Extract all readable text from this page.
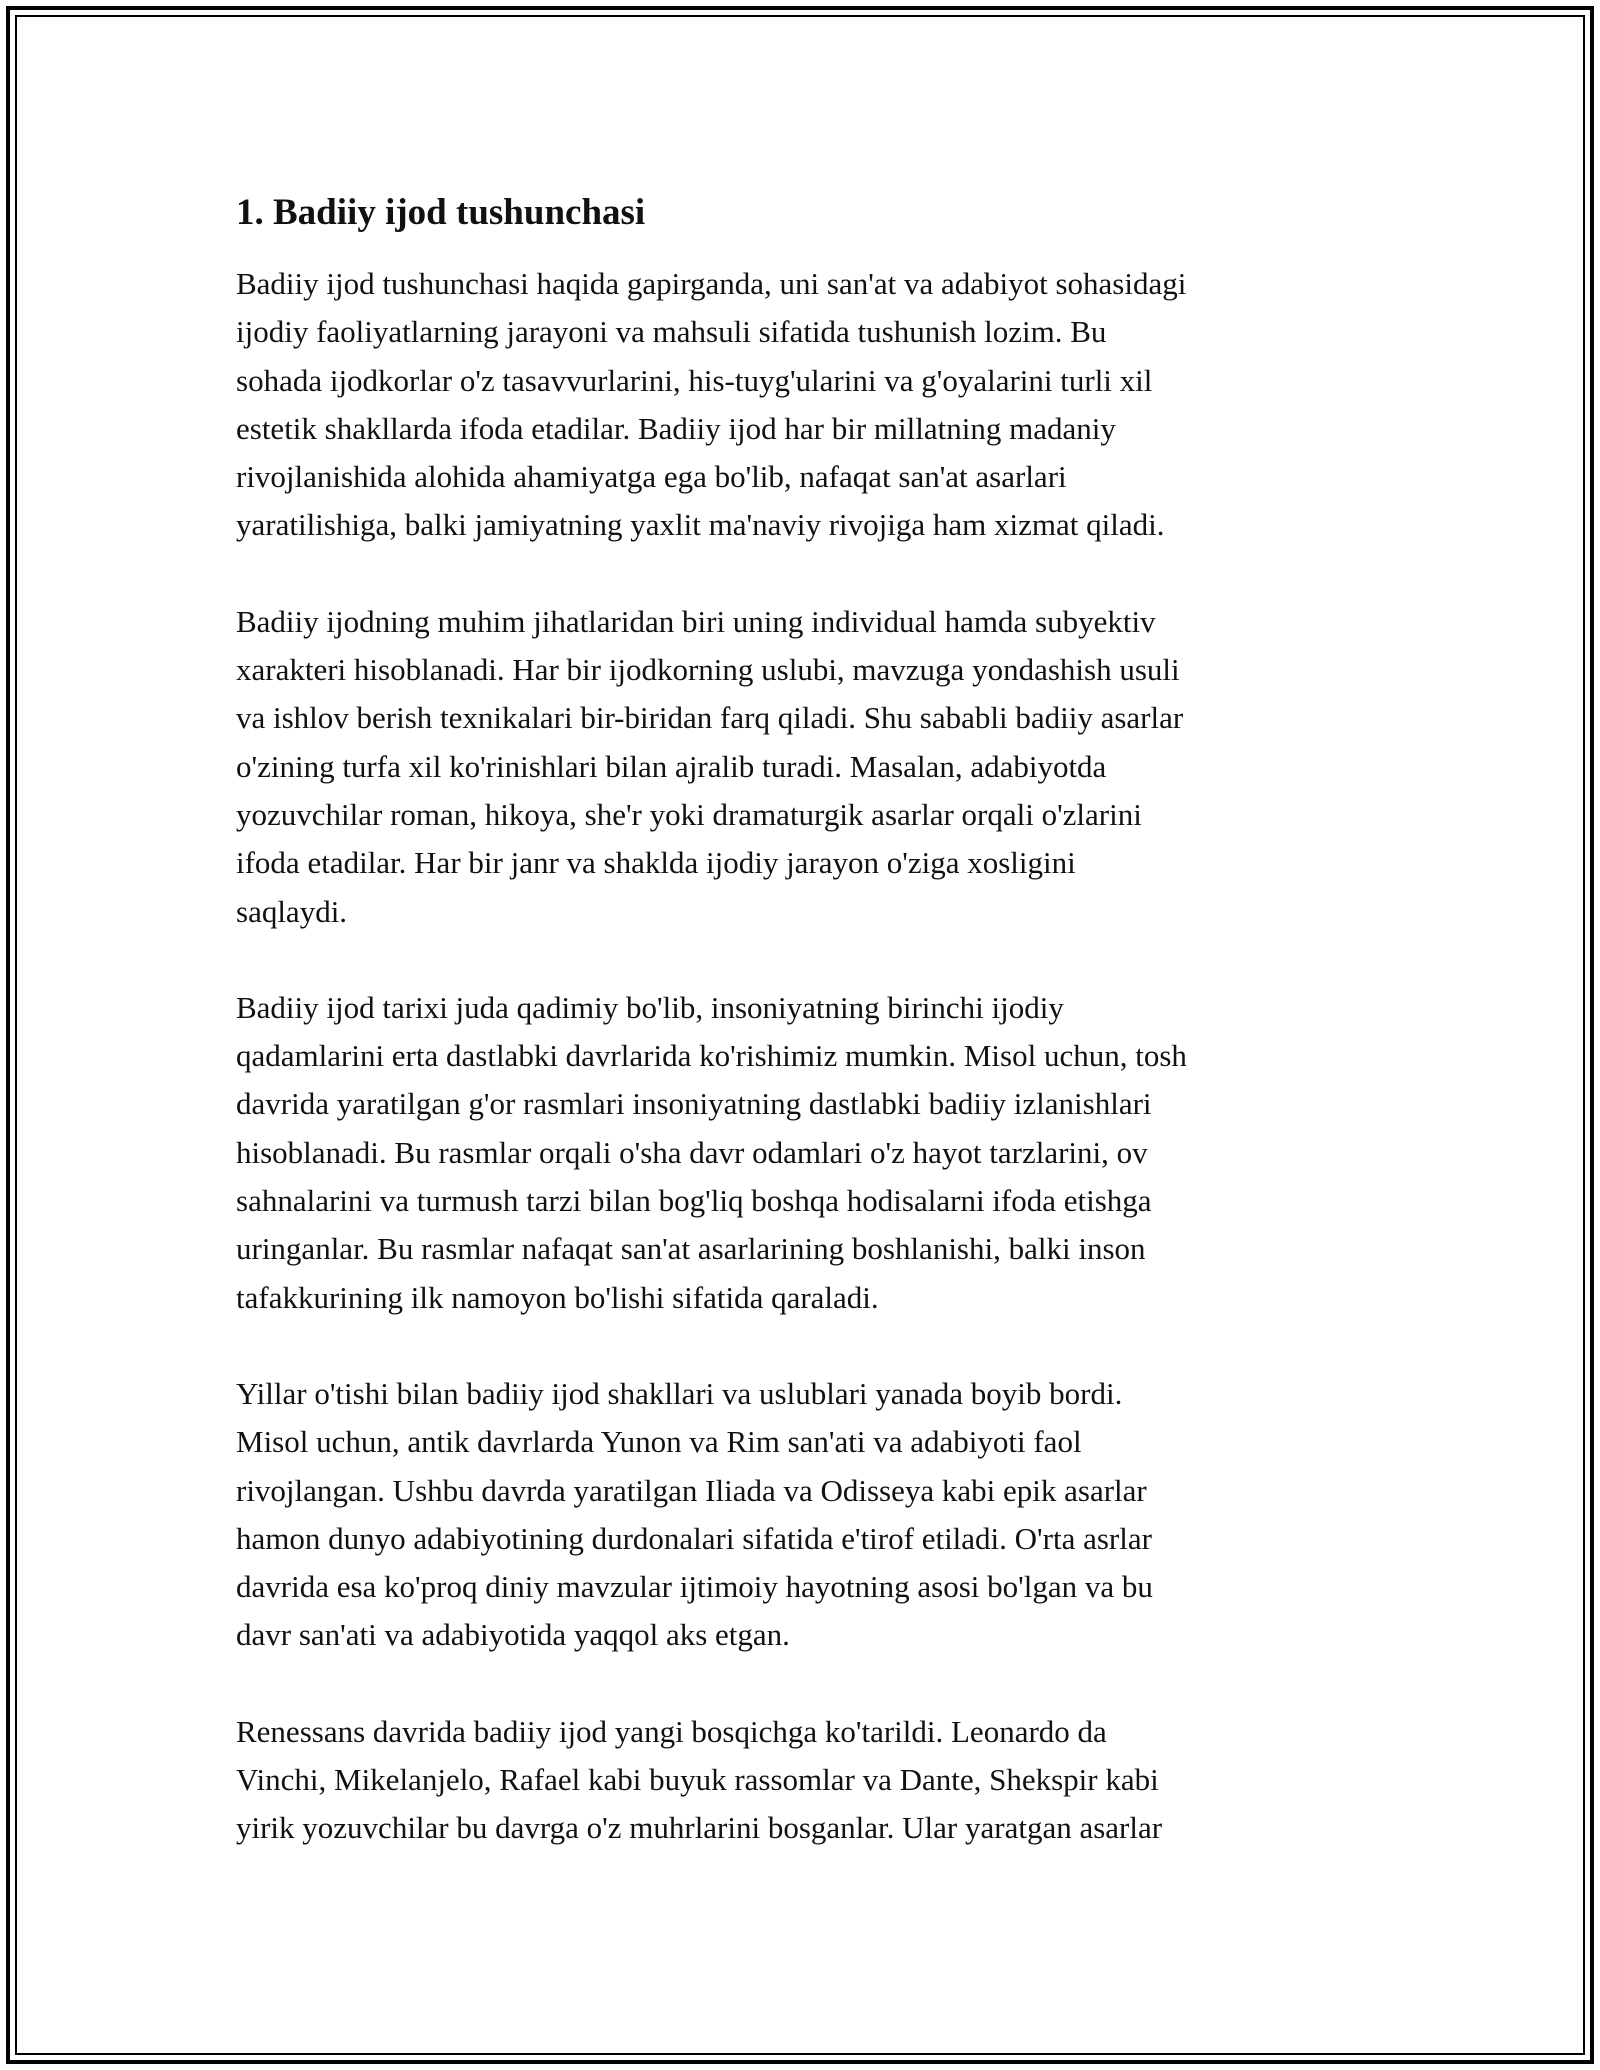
1. Badiiy ijod tushunchasi

Badiiy ijod tushunchasi haqida gapirganda, uni san'at va adabiyot sohasidagi
ijodiy faoliyatlarning jarayoni va mahsuli sifatida tushunish lozim. Bu
sohada ijodkorlar o'z tasavvurlarini, his-tuyg'ularini va g'oyalarini turli xil
estetik shakllarda ifoda etadilar. Badiiy ijod har bir millatning madaniy
rivojlanishida alohida ahamiyatga ega bo'lib, nafaqat san'at asarlari
yaratilishiga, balki jamiyatning yaxlit ma'naviy rivojiga ham xizmat qiladi.

Badiiy ijodning muhim jihatlaridan biri uning individual hamda subyektiv
xarakteri hisoblanadi. Har bir ijodkorning uslubi, mavzuga yondashish usuli
va ishlov berish texnikalari bir-biridan farq qiladi. Shu sababli badiiy asarlar
o'zining turfa xil ko'rinishlari bilan ajralib turadi. Masalan, adabiyotda
yozuvchilar roman, hikoya, she'r yoki dramaturgik asarlar orqali o'zlarini
ifoda etadilar. Har bir janr va shaklda ijodiy jarayon o'ziga xosligini
saqlaydi.

Badiiy ijod tarixi juda qadimiy bo'lib, insoniyatning birinchi ijodiy
qadamlarini erta dastlabki davrlarida ko'rishimiz mumkin. Misol uchun, tosh
davrida yaratilgan g'or rasmlari insoniyatning dastlabki badiiy izlanishlari
hisoblanadi. Bu rasmlar orqali o'sha davr odamlari o'z hayot tarzlarini, ov
sahnalarini va turmush tarzi bilan bog'liq boshqa hodisalarni ifoda etishga
uringanlar. Bu rasmlar nafaqat san'at asarlarining boshlanishi, balki inson
tafakkurining ilk namoyon bo'lishi sifatida qaraladi.

Yillar o'tishi bilan badiiy ijod shakllari va uslublari yanada boyib bordi.
Misol uchun, antik davrlarda Yunon va Rim san'ati va adabiyoti faol
rivojlangan. Ushbu davrda yaratilgan Iliada va Odisseya kabi epik asarlar
hamon dunyo adabiyotining durdonalari sifatida e'tirof etiladi. O'rta asrlar
davrida esa ko'proq diniy mavzular ijtimoiy hayotning asosi bo'lgan va bu
davr san'ati va adabiyotida yaqqol aks etgan.

Renessans davrida badiiy ijod yangi bosqichga ko'tarildi. Leonardo da
Vinchi, Mikelanjelo, Rafael kabi buyuk rassomlar va Dante, Shekspir kabi
yirik yozuvchilar bu davrga o'z muhrlarini bosganlar. Ular yaratgan asarlar
